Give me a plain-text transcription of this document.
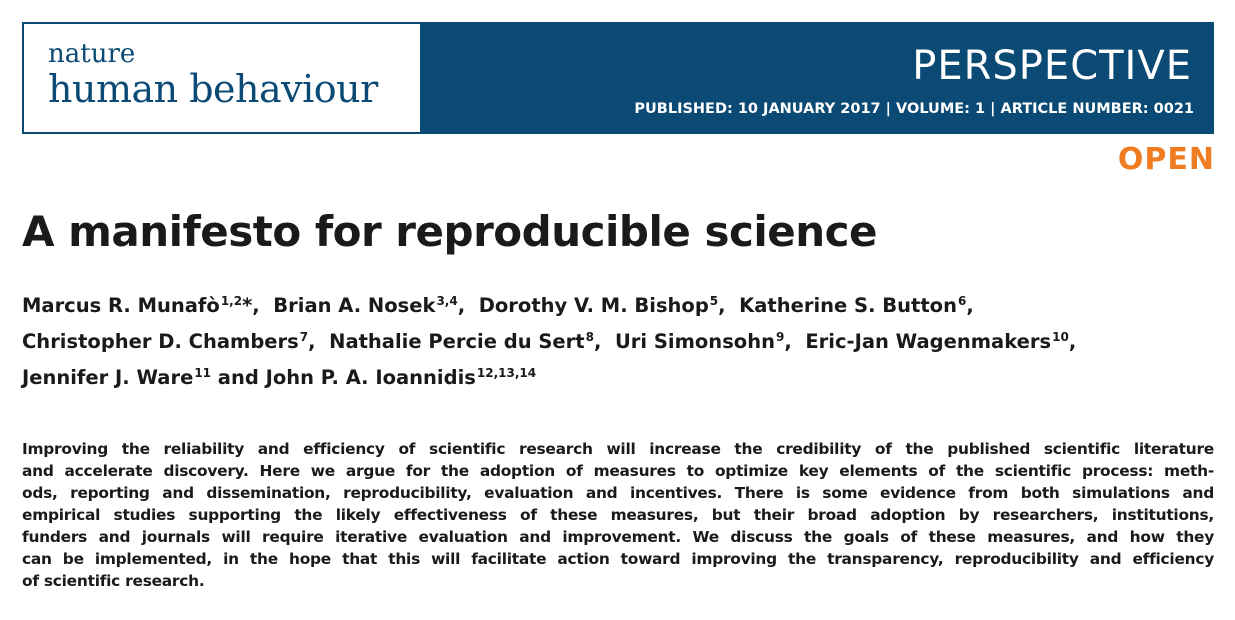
nature
human behaviour	PERSPECTIVE
PUBLISHED: 10 JANUARY 2017 | VOLUME: 1 | ARTICLE NUMBER: 0021
OPEN
A manifesto for reproducible science
Marcus R. Munafò$^{1,2}$*,  Brian A. Nosek$^{3,4}$,  Dorothy V. M. Bishop$^5$,  Katherine S. Button$^6$,
Christopher D. Chambers$^7$,  Nathalie Percie du Sert$^8$,  Uri Simonsohn$^9$,  Eric-Jan Wagenmakers$^{10}$,
Jennifer J. Ware$^{11}$ and John P. A. Ioannidis$^{12,13,14}$
Improving the reliability and efficiency of scientific research will increase the credibility of the published scientific literature
and accelerate discovery. Here we argue for the adoption of measures to optimize key elements of the scientific process: meth-
ods, reporting and dissemination, reproducibility, evaluation and incentives. There is some evidence from both simulations and
empirical studies supporting the likely effectiveness of these measures, but their broad adoption by researchers, institutions,
funders and journals will require iterative evaluation and improvement. We discuss the goals of these measures, and how they
can be implemented, in the hope that this will facilitate action toward improving the transparency, reproducibility and efficiency
of scientific research.
